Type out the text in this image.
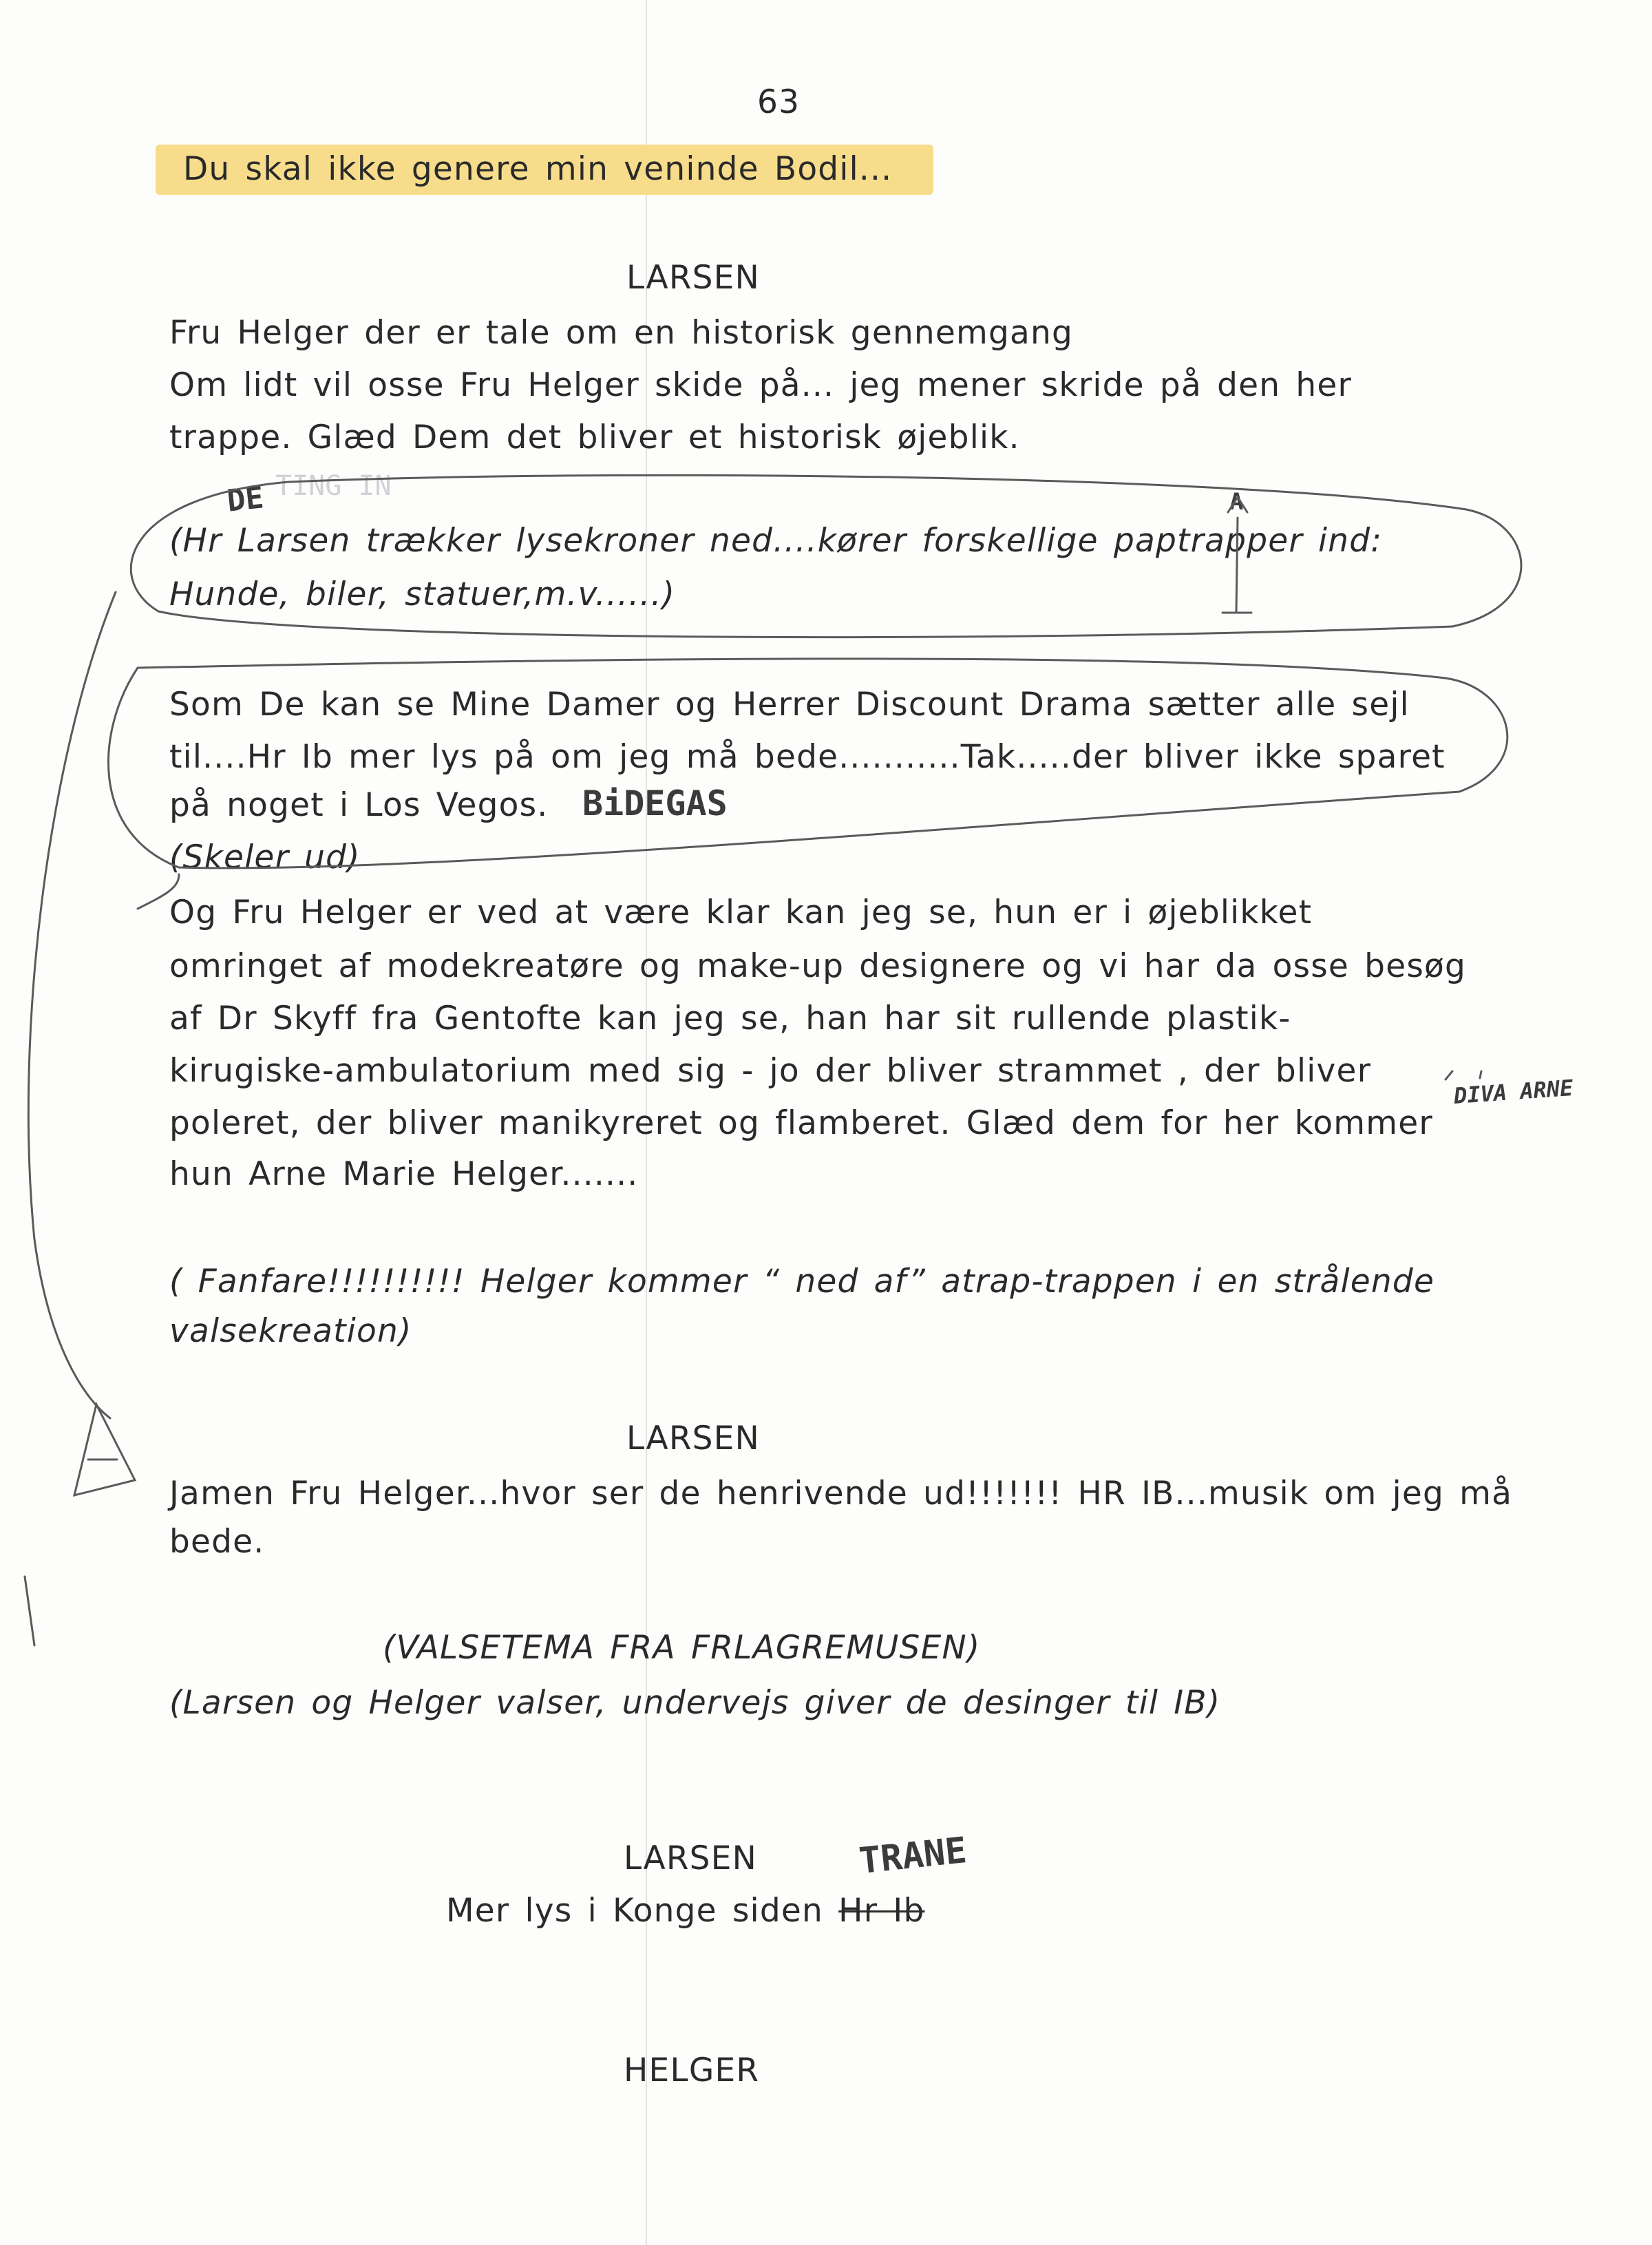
63
Du skal ikke genere min veninde Bodil...
LARSEN
Fru Helger der er tale om en historisk gennemgang
Om lidt vil osse Fru Helger skide på... jeg mener skride på den her
trappe. Glæd Dem det bliver et historisk øjeblik.
(Hr Larsen trækker lysekroner ned....kører forskellige paptrapper ind:
Hunde, biler, statuer,m.v......)
Som De kan se Mine Damer og Herrer Discount Drama sætter alle sejl
til....Hr Ib mer lys på om jeg må bede...........Tak.....der bliver ikke sparet
på noget i Los Vegos.
(Skeler ud)
Og Fru Helger er ved at være klar kan jeg se, hun er i øjeblikket
omringet af modekreatøre og make-up designere og vi har da osse besøg
af Dr Skyff fra Gentofte kan jeg se, han har sit rullende plastik-
kirugiske-ambulatorium med sig - jo der bliver strammet , der bliver
poleret, der bliver manikyreret og flamberet. Glæd dem for her kommer
hun Arne Marie Helger.......
( Fanfare!!!!!!!!!! Helger kommer “ ned af” atrap-trappen i en strålende
valsekreation)
LARSEN
Jamen Fru Helger...hvor ser de henrivende ud!!!!!!! HR IB...musik om jeg må
bede.
(VALSETEMA FRA FRLAGREMUSEN)
(Larsen og Helger valser, undervejs giver de desinger til IB)
LARSEN
Mer lys i Konge siden Hr Ib
HELGER
DE TING IN	A
BiDEGAS
DIVA ARNE
TRANE
